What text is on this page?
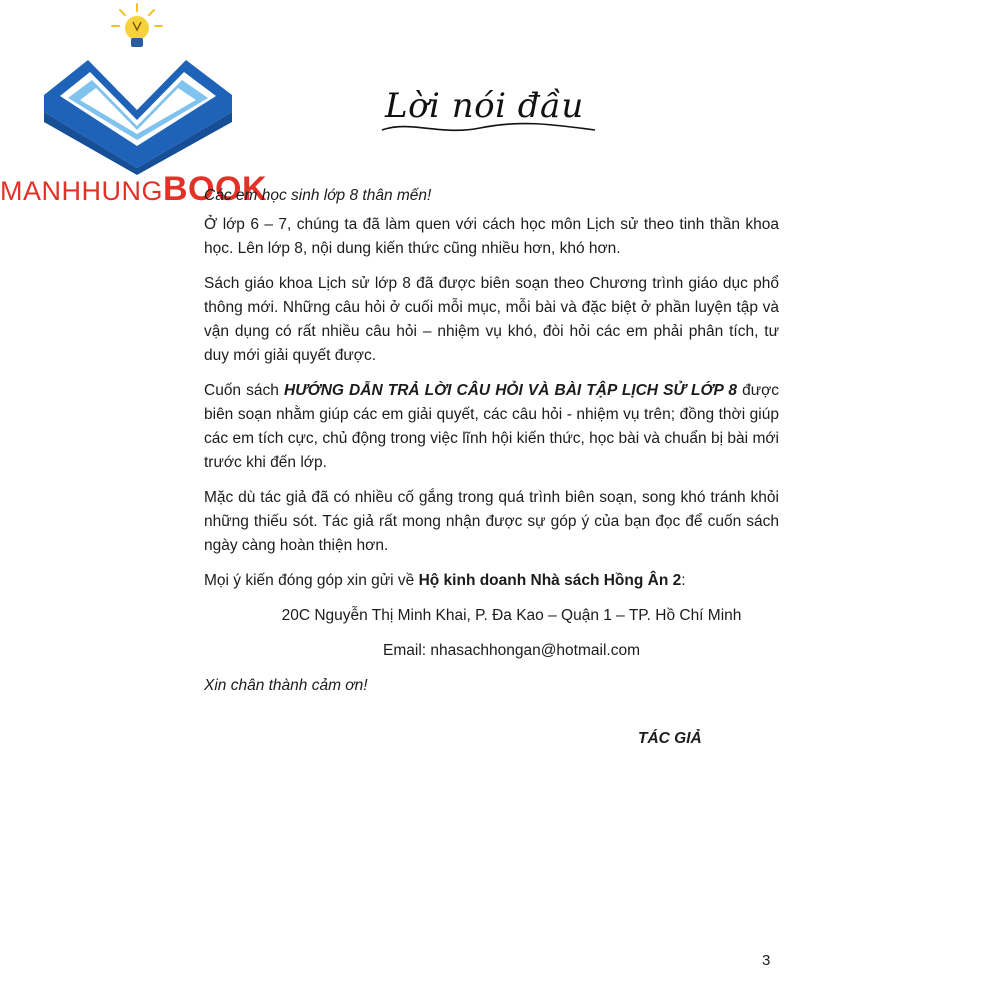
MANHHUNGBOOK
Lời nói đầu

Các em học sinh lớp 8 thân mến!

Ở lớp 6 – 7, chúng ta đã làm quen với cách học môn Lịch sử theo tinh thần khoa học. Lên lớp 8, nội dung kiến thức cũng nhiều hơn, khó hơn.

Sách giáo khoa Lịch sử lớp 8 đã được biên soạn theo Chương trình giáo dục phổ thông mới. Những câu hỏi ở cuối mỗi mục, mỗi bài và đặc biệt ở phần luyện tập và vận dụng có rất nhiều câu hỏi – nhiệm vụ khó, đòi hỏi các em phải phân tích, tư duy mới giải quyết được.

Cuốn sách HƯỚNG DẪN TRẢ LỜI CÂU HỎI VÀ BÀI TẬP LỊCH SỬ LỚP 8 được biên soạn nhằm giúp các em giải quyết, các câu hỏi - nhiệm vụ trên; đồng thời giúp các em tích cực, chủ động trong việc lĩnh hội kiến thức, học bài và chuẩn bị bài mới trước khi đến lớp.

Mặc dù tác giả đã có nhiều cố gắng trong quá trình biên soạn, song khó tránh khỏi những thiếu sót. Tác giả rất mong nhận được sự góp ý của bạn đọc để cuốn sách ngày càng hoàn thiện hơn.

Mọi ý kiến đóng góp xin gửi về Hộ kinh doanh Nhà sách Hồng Ân 2:

20C Nguyễn Thị Minh Khai, P. Đa Kao – Quận 1 – TP. Hồ Chí Minh

Email: nhasachhongan@hotmail.com

Xin chân thành cảm ơn!

TÁC GIẢ
3
